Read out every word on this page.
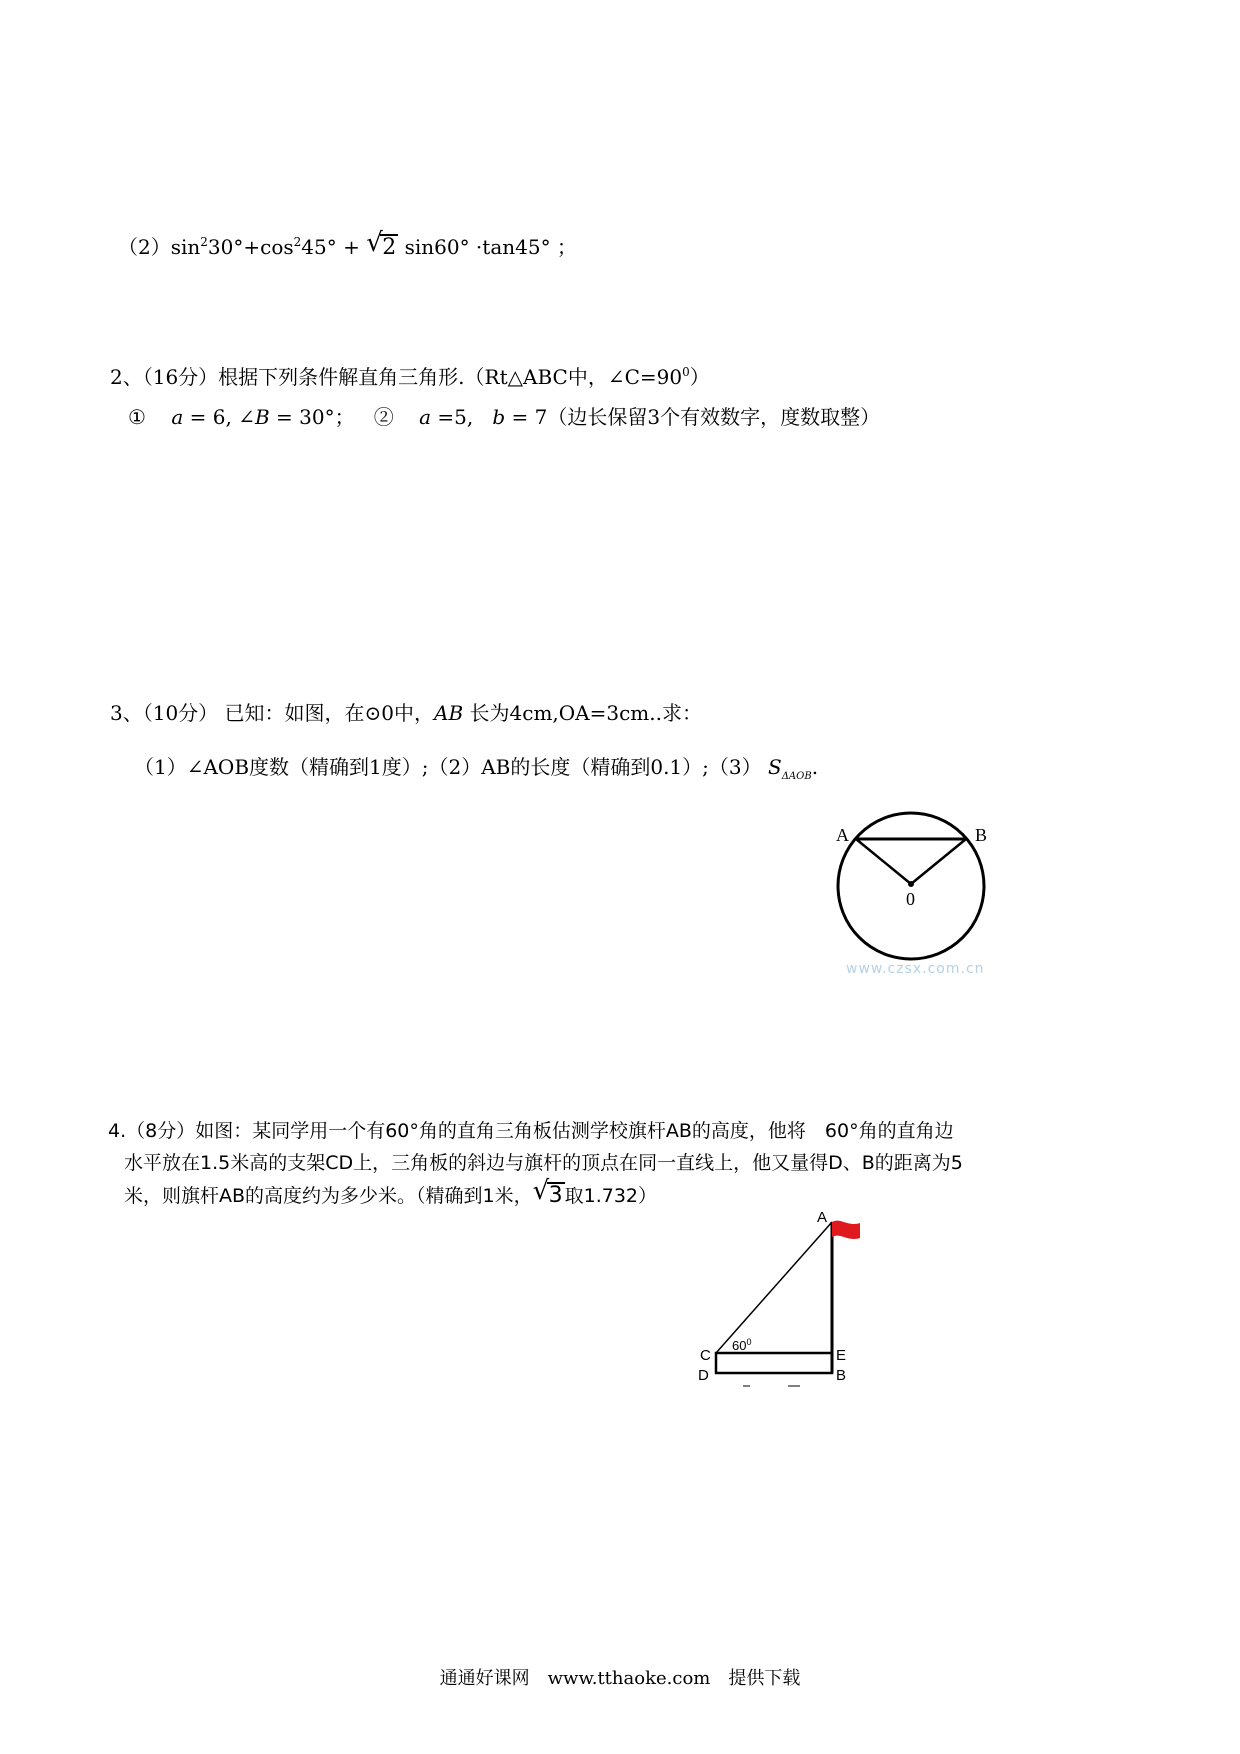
$(2)\sin^230^\circ+\cos^245^\circ$ + √ 2 sin60° ·tan45° ；
2、（16分）根据下列条件解直角三角形.（Rt△ABC中，$\angle C=90^0$）
① a = 6, ∠B = 30°； ② a =5, b = 7（边长保留3个有效数字，度数取整）
3、（10分） 已知：如图，在⊙0中，AB 长为4cm,OA=3cm..求：
（1）∠AOB度数（精确到1度）;（2）AB的长度（精确到0.1）;（3） $S_{\Delta AOB}$.
A	B
0
www.czsx.com.cn
4.（8分）如图：某同学用一个有60°角的直角三角板估测学校旗杆AB的高度，他将　60°角的直角边
水平放在1.5米高的支架CD上，三角板的斜边与旗杆的顶点在同一直线上，他又量得D、B的距离为5
米，则旗杆AB的高度约为多少米。（精确到1米， √ 3 取1.732）
A
C
D
E
B
$60^0$
通通好课网　www.tthaoke.com　提供下载
